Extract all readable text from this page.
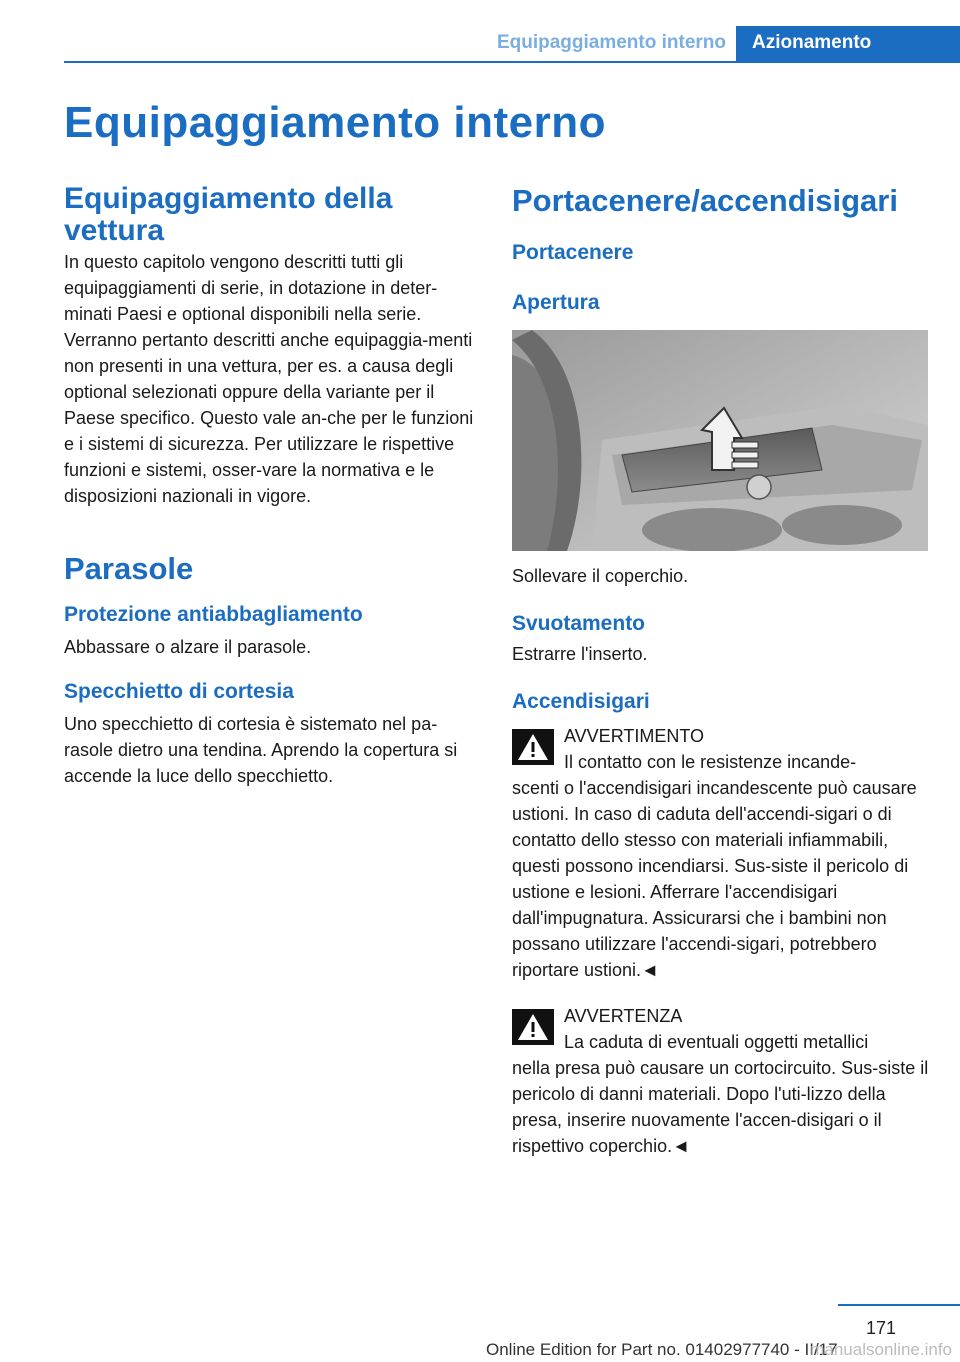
Equipaggiamento interno	Azionamento
Equipaggiamento interno
Equipaggiamento della vettura

In questo capitolo vengono descritti tutti gli equipaggiamenti di serie, in dotazione in deter-minati Paesi e optional disponibili nella serie. Verranno pertanto descritti anche equipaggia-menti non presenti in una vettura, per es. a causa degli optional selezionati oppure della variante per il Paese specifico. Questo vale an-che per le funzioni e i sistemi di sicurezza. Per utilizzare le rispettive funzioni e sistemi, osser-vare la normativa e le disposizioni nazionali in vigore.

Parasole
Protezione antiabbagliamento

Abbassare o alzare il parasole.

Specchietto di cortesia

Uno specchietto di cortesia è sistemato nel pa-rasole dietro una tendina. Aprendo la copertura si accende la luce dello specchietto.

Portacenere/accendisigari
Portacenere
Apertura

Sollevare il coperchio.

Svuotamento

Estrarre l'inserto.

Accendisigari

AVVERTIMENTO

Il contatto con le resistenze incande-

scenti o l'accendisigari incandescente può causare ustioni. In caso di caduta dell'accendi-sigari o di contatto dello stesso con materiali infiammabili, questi possono incendiarsi. Sus-siste il pericolo di ustione e lesioni. Afferrare l'accendisigari dall'impugnatura. Assicurarsi che i bambini non possano utilizzare l'accendi-sigari, potrebbero riportare ustioni.◄

AVVERTENZA

La caduta di eventuali oggetti metallici

nella presa può causare un cortocircuito. Sus-siste il pericolo di danni materiali. Dopo l'uti-lizzo della presa, inserire nuovamente l'accen-disigari o il rispettivo coperchio.◄

171
Online Edition for Part no. 01402977740 - II/17
manualsonline.info
